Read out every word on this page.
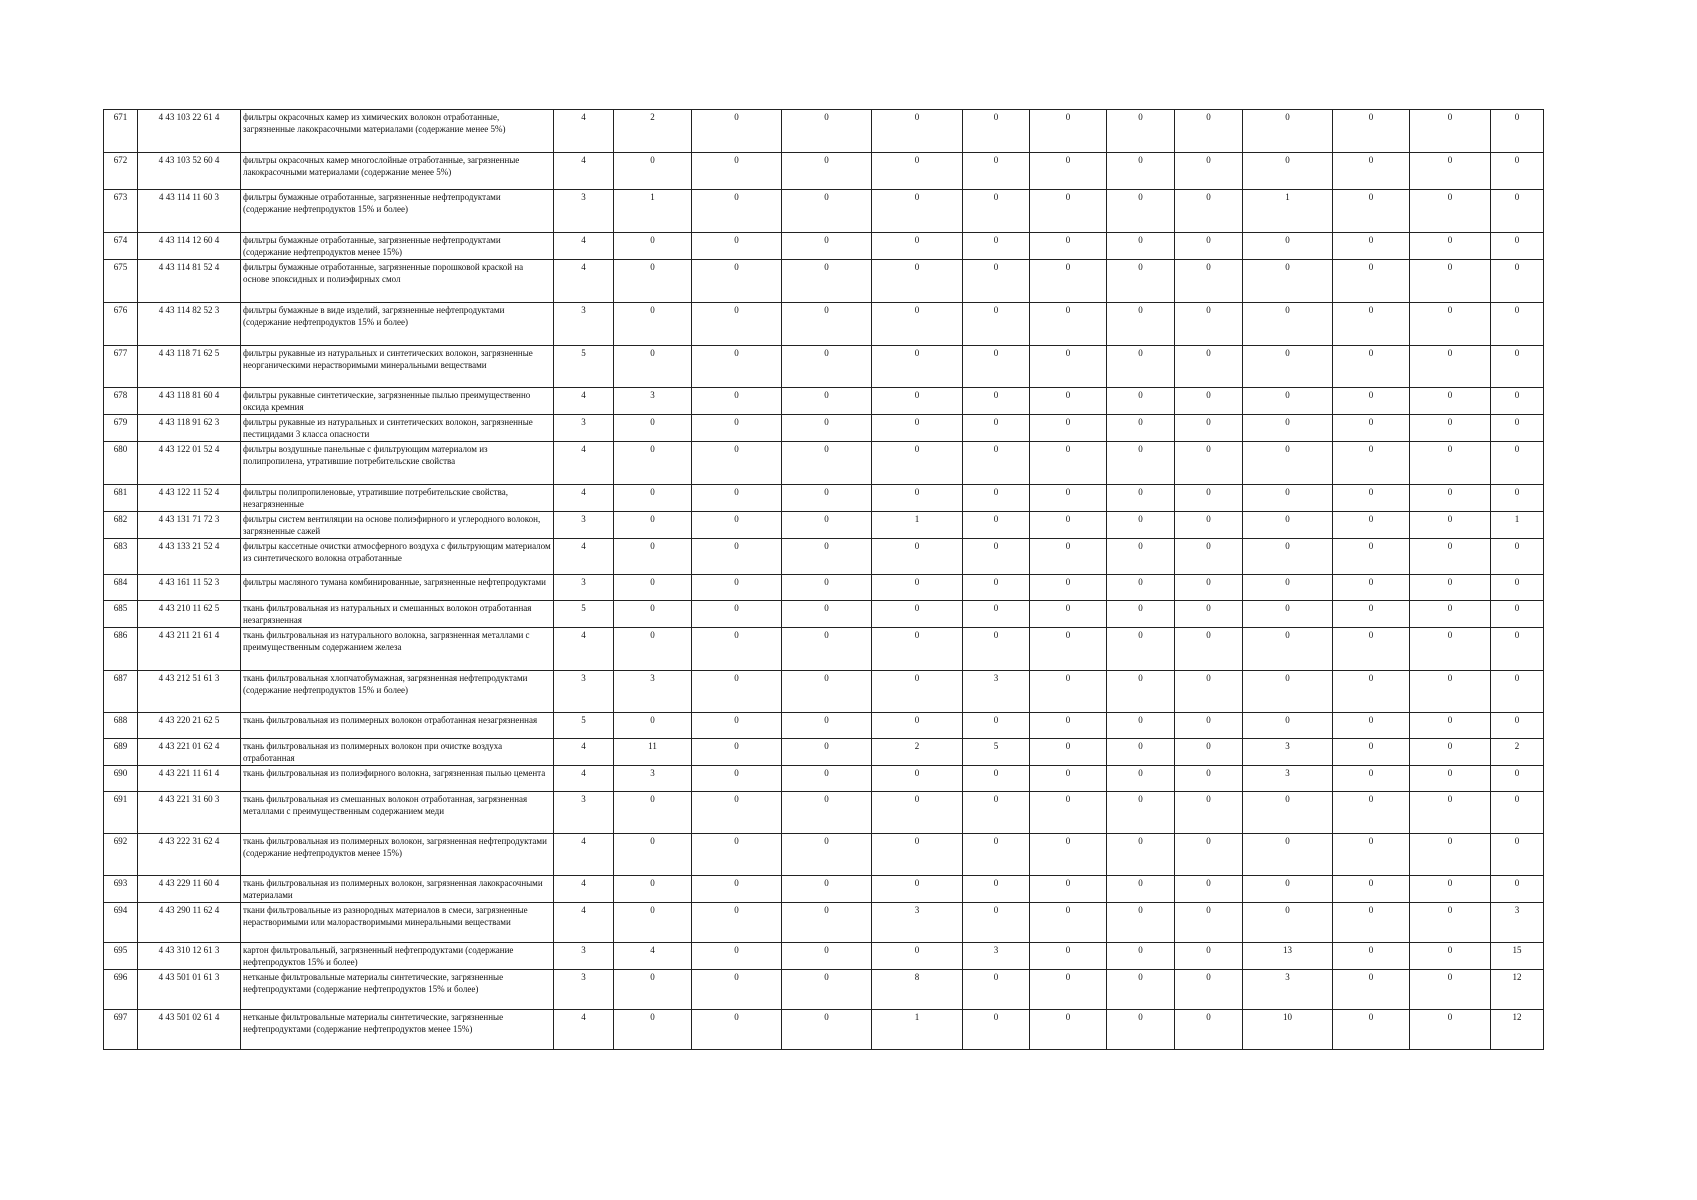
671	4 43 103 22 61 4	фильтры окрасочных камер из химических волокон отработанные, загрязненные лакокрасочными материалами (содержание менее 5%)	4	2	0	0	0	0	0	0	0	0	0	0	0
672	4 43 103 52 60 4	фильтры окрасочных камер многослойные отработанные, загрязненные лакокрасочными материалами (содержание менее 5%)	4	0	0	0	0	0	0	0	0	0	0	0	0
673	4 43 114 11 60 3	фильтры бумажные отработанные, загрязненные нефтепродуктами (содержание нефтепродуктов 15% и более)	3	1	0	0	0	0	0	0	0	1	0	0	0
674	4 43 114 12 60 4	фильтры бумажные отработанные, загрязненные нефтепродуктами (содержание нефтепродуктов менее 15%)	4	0	0	0	0	0	0	0	0	0	0	0	0
675	4 43 114 81 52 4	фильтры бумажные отработанные, загрязненные порошковой краской на основе эпоксидных и полиэфирных смол	4	0	0	0	0	0	0	0	0	0	0	0	0
676	4 43 114 82 52 3	фильтры бумажные в виде изделий, загрязненные нефтепродуктами (содержание нефтепродуктов 15% и более)	3	0	0	0	0	0	0	0	0	0	0	0	0
677	4 43 118 71 62 5	фильтры рукавные из натуральных и синтетических волокон, загрязненные неорганическими нерастворимыми минеральными веществами	5	0	0	0	0	0	0	0	0	0	0	0	0
678	4 43 118 81 60 4	фильтры рукавные синтетические, загрязненные пылью преимущественно оксида кремния	4	3	0	0	0	0	0	0	0	0	0	0	0
679	4 43 118 91 62 3	фильтры рукавные из натуральных и синтетических волокон, загрязненные пестицидами 3 класса опасности	3	0	0	0	0	0	0	0	0	0	0	0	0
680	4 43 122 01 52 4	фильтры воздушные панельные с фильтрующим материалом из полипропилена, утратившие потребительские свойства	4	0	0	0	0	0	0	0	0	0	0	0	0
681	4 43 122 11 52 4	фильтры полипропиленовые, утратившие потребительские свойства, незагрязненные	4	0	0	0	0	0	0	0	0	0	0	0	0
682	4 43 131 71 72 3	фильтры систем вентиляции на основе полиэфирного и углеродного волокон, загрязненные сажей	3	0	0	0	1	0	0	0	0	0	0	0	1
683	4 43 133 21 52 4	фильтры кассетные очистки атмосферного воздуха с фильтрующим материалом из синтетического волокна отработанные	4	0	0	0	0	0	0	0	0	0	0	0	0
684	4 43 161 11 52 3	фильтры масляного тумана комбинированные, загрязненные нефтепродуктами	3	0	0	0	0	0	0	0	0	0	0	0	0
685	4 43 210 11 62 5	ткань фильтровальная из натуральных и смешанных волокон отработанная незагрязненная	5	0	0	0	0	0	0	0	0	0	0	0	0
686	4 43 211 21 61 4	ткань фильтровальная из натурального волокна, загрязненная металлами с преимущественным содержанием железа	4	0	0	0	0	0	0	0	0	0	0	0	0
687	4 43 212 51 61 3	ткань фильтровальная хлопчатобумажная, загрязненная нефтепродуктами (содержание нефтепродуктов 15% и более)	3	3	0	0	0	3	0	0	0	0	0	0	0
688	4 43 220 21 62 5	ткань фильтровальная из полимерных волокон отработанная незагрязненная	5	0	0	0	0	0	0	0	0	0	0	0	0
689	4 43 221 01 62 4	ткань фильтровальная из полимерных волокон при очистке воздуха отработанная	4	11	0	0	2	5	0	0	0	3	0	0	2
690	4 43 221 11 61 4	ткань фильтровальная из полиэфирного волокна, загрязненная пылью цемента	4	3	0	0	0	0	0	0	0	3	0	0	0
691	4 43 221 31 60 3	ткань фильтровальная из смешанных волокон отработанная, загрязненная металлами с преимущественным содержанием меди	3	0	0	0	0	0	0	0	0	0	0	0	0
692	4 43 222 31 62 4	ткань фильтровальная из полимерных волокон, загрязненная нефтепродуктами (содержание нефтепродуктов менее 15%)	4	0	0	0	0	0	0	0	0	0	0	0	0
693	4 43 229 11 60 4	ткань фильтровальная из полимерных волокон, загрязненная лакокрасочными материалами	4	0	0	0	0	0	0	0	0	0	0	0	0
694	4 43 290 11 62 4	ткани фильтровальные из разнородных материалов в смеси, загрязненные нерастворимыми или малорастворимыми минеральными веществами	4	0	0	0	3	0	0	0	0	0	0	0	3
695	4 43 310 12 61 3	картон фильтровальный, загрязненный нефтепродуктами (содержание нефтепродуктов 15% и более)	3	4	0	0	0	3	0	0	0	13	0	0	15
696	4 43 501 01 61 3	нетканые фильтровальные материалы синтетические, загрязненные нефтепродуктами (содержание нефтепродуктов 15% и более)	3	0	0	0	8	0	0	0	0	3	0	0	12
697	4 43 501 02 61 4	нетканые фильтровальные материалы синтетические, загрязненные нефтепродуктами (содержание нефтепродуктов менее 15%)	4	0	0	0	1	0	0	0	0	10	0	0	12
